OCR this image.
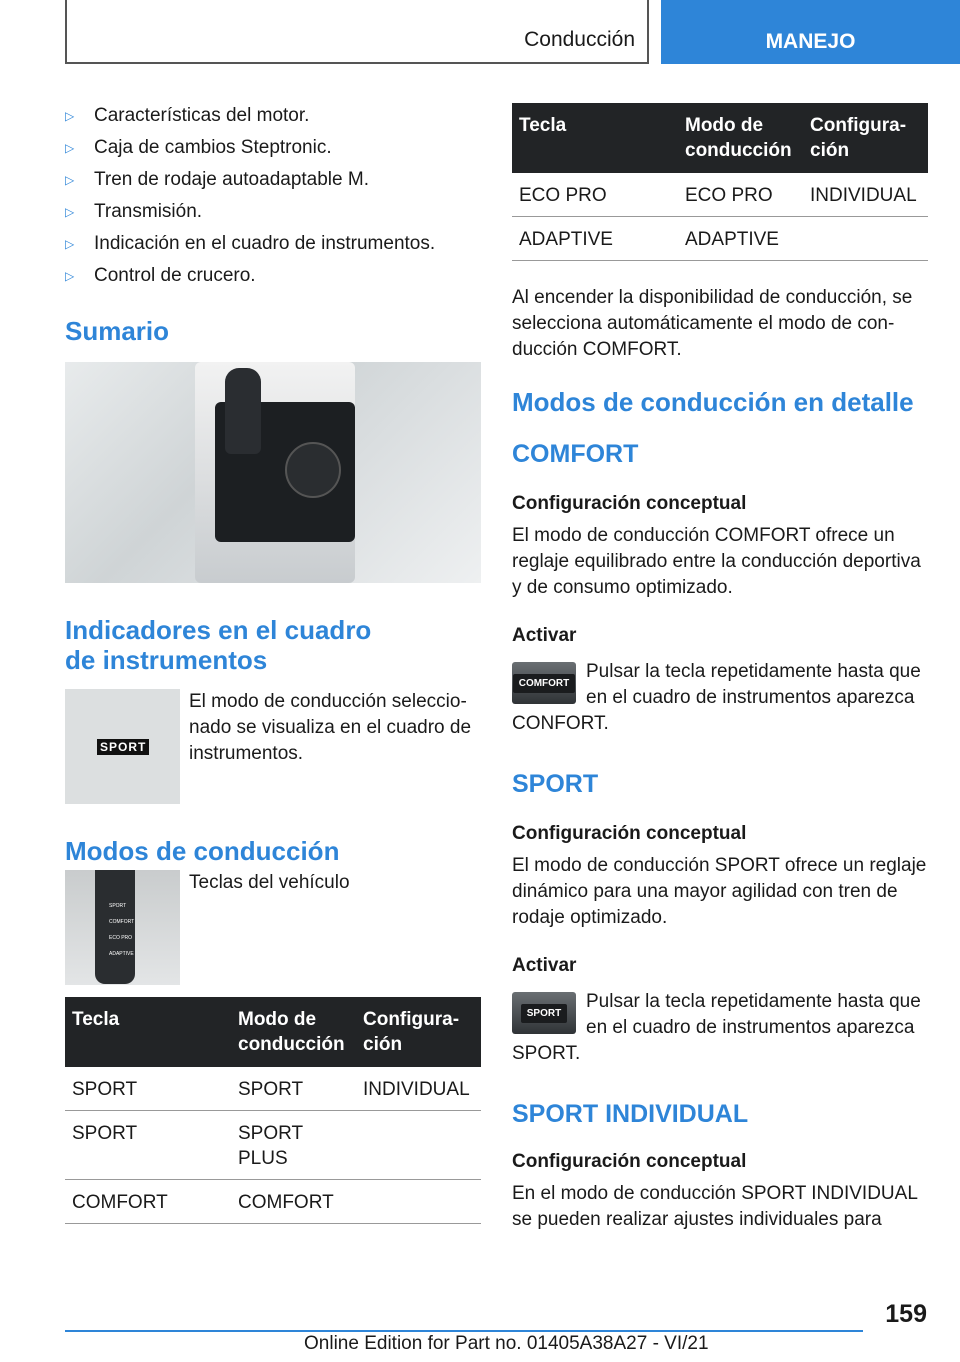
Conducción	MANEJO
▷ Características del motor.
▷ Caja de cambios Steptronic.
▷ Tren de rodaje autoadaptable M.
▷ Transmisión.
▷ Indicación en el cuadro de instrumentos.
▷ Control de crucero.
Sumario
Indicadores en el cuadro
de instrumentos
SPORT

El modo de conducción seleccionado se visualiza en el cuadro de instrumentos.

Modos de conducción
SPORT
COMFORT
ECO PRO
ADAPTIVE

Teclas del vehículo

Tecla	Modo de conducción	Configuración
SPORT	SPORT	INDIVIDUAL
SPORT	SPORT PLUS	
COMFORT	COMFORT	
Tecla	Modo de conducción	Configuración
ECO PRO	ECO PRO	INDIVIDUAL
ADAPTIVE	ADAPTIVE	

Al encender la disponibilidad de conducción, se selecciona automáticamente el modo de conducción COMFORT.

Modos de conducción en detalle
COMFORT
Configuración conceptual

El modo de conducción COMFORT ofrece un reglaje equilibrado entre la conducción deportiva y de consumo optimizado.

Activar
COMFORT

Pulsar la tecla repetidamente hasta que en el cuadro de instrumentos aparezca CONFORT.

SPORT
Configuración conceptual

El modo de conducción SPORT ofrece un reglaje dinámico para una mayor agilidad con tren de rodaje optimizado.

Activar
SPORT

Pulsar la tecla repetidamente hasta que en el cuadro de instrumentos aparezca SPORT.

SPORT INDIVIDUAL
Configuración conceptual

En el modo de conducción SPORT INDIVIDUAL se pueden realizar ajustes individuales para

159
Online Edition for Part no. 01405A38A27 - VI/21
